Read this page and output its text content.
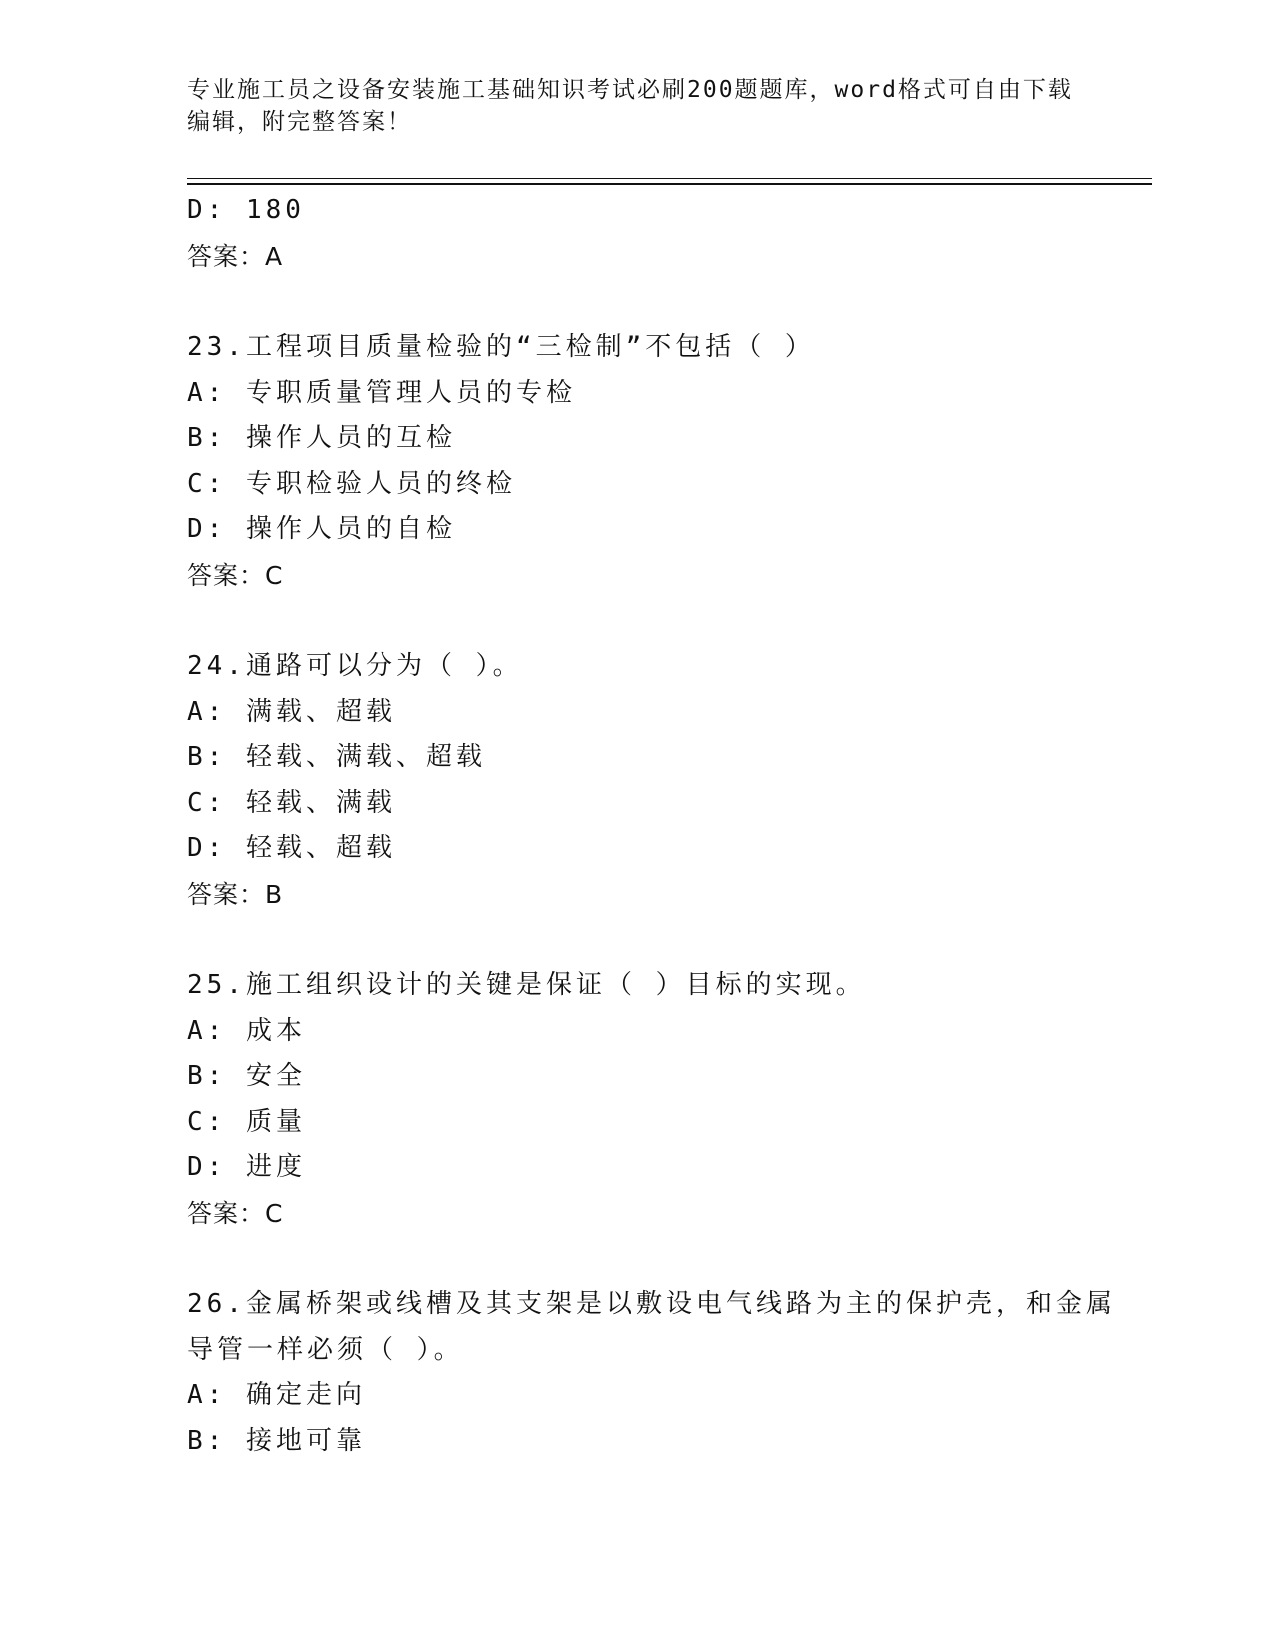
专业施工员之设备安装施工基础知识考试必刷200题题库，word格式可自由下载
编辑，附完整答案！
D: 180
答案：A
23.工程项目质量检验的“三检制”不包括（ ）
A: 专职质量管理人员的专检
B: 操作人员的互检
C: 专职检验人员的终检
D: 操作人员的自检
答案：C
24.通路可以分为（ ）。
A: 满载、超载
B: 轻载、满载、超载
C: 轻载、满载
D: 轻载、超载
答案：B
25.施工组织设计的关键是保证（ ）目标的实现。
A: 成本
B: 安全
C: 质量
D: 进度
答案：C
26.金属桥架或线槽及其支架是以敷设电气线路为主的保护壳，和金属
导管一样必须（ ）。
A: 确定走向
B: 接地可靠
